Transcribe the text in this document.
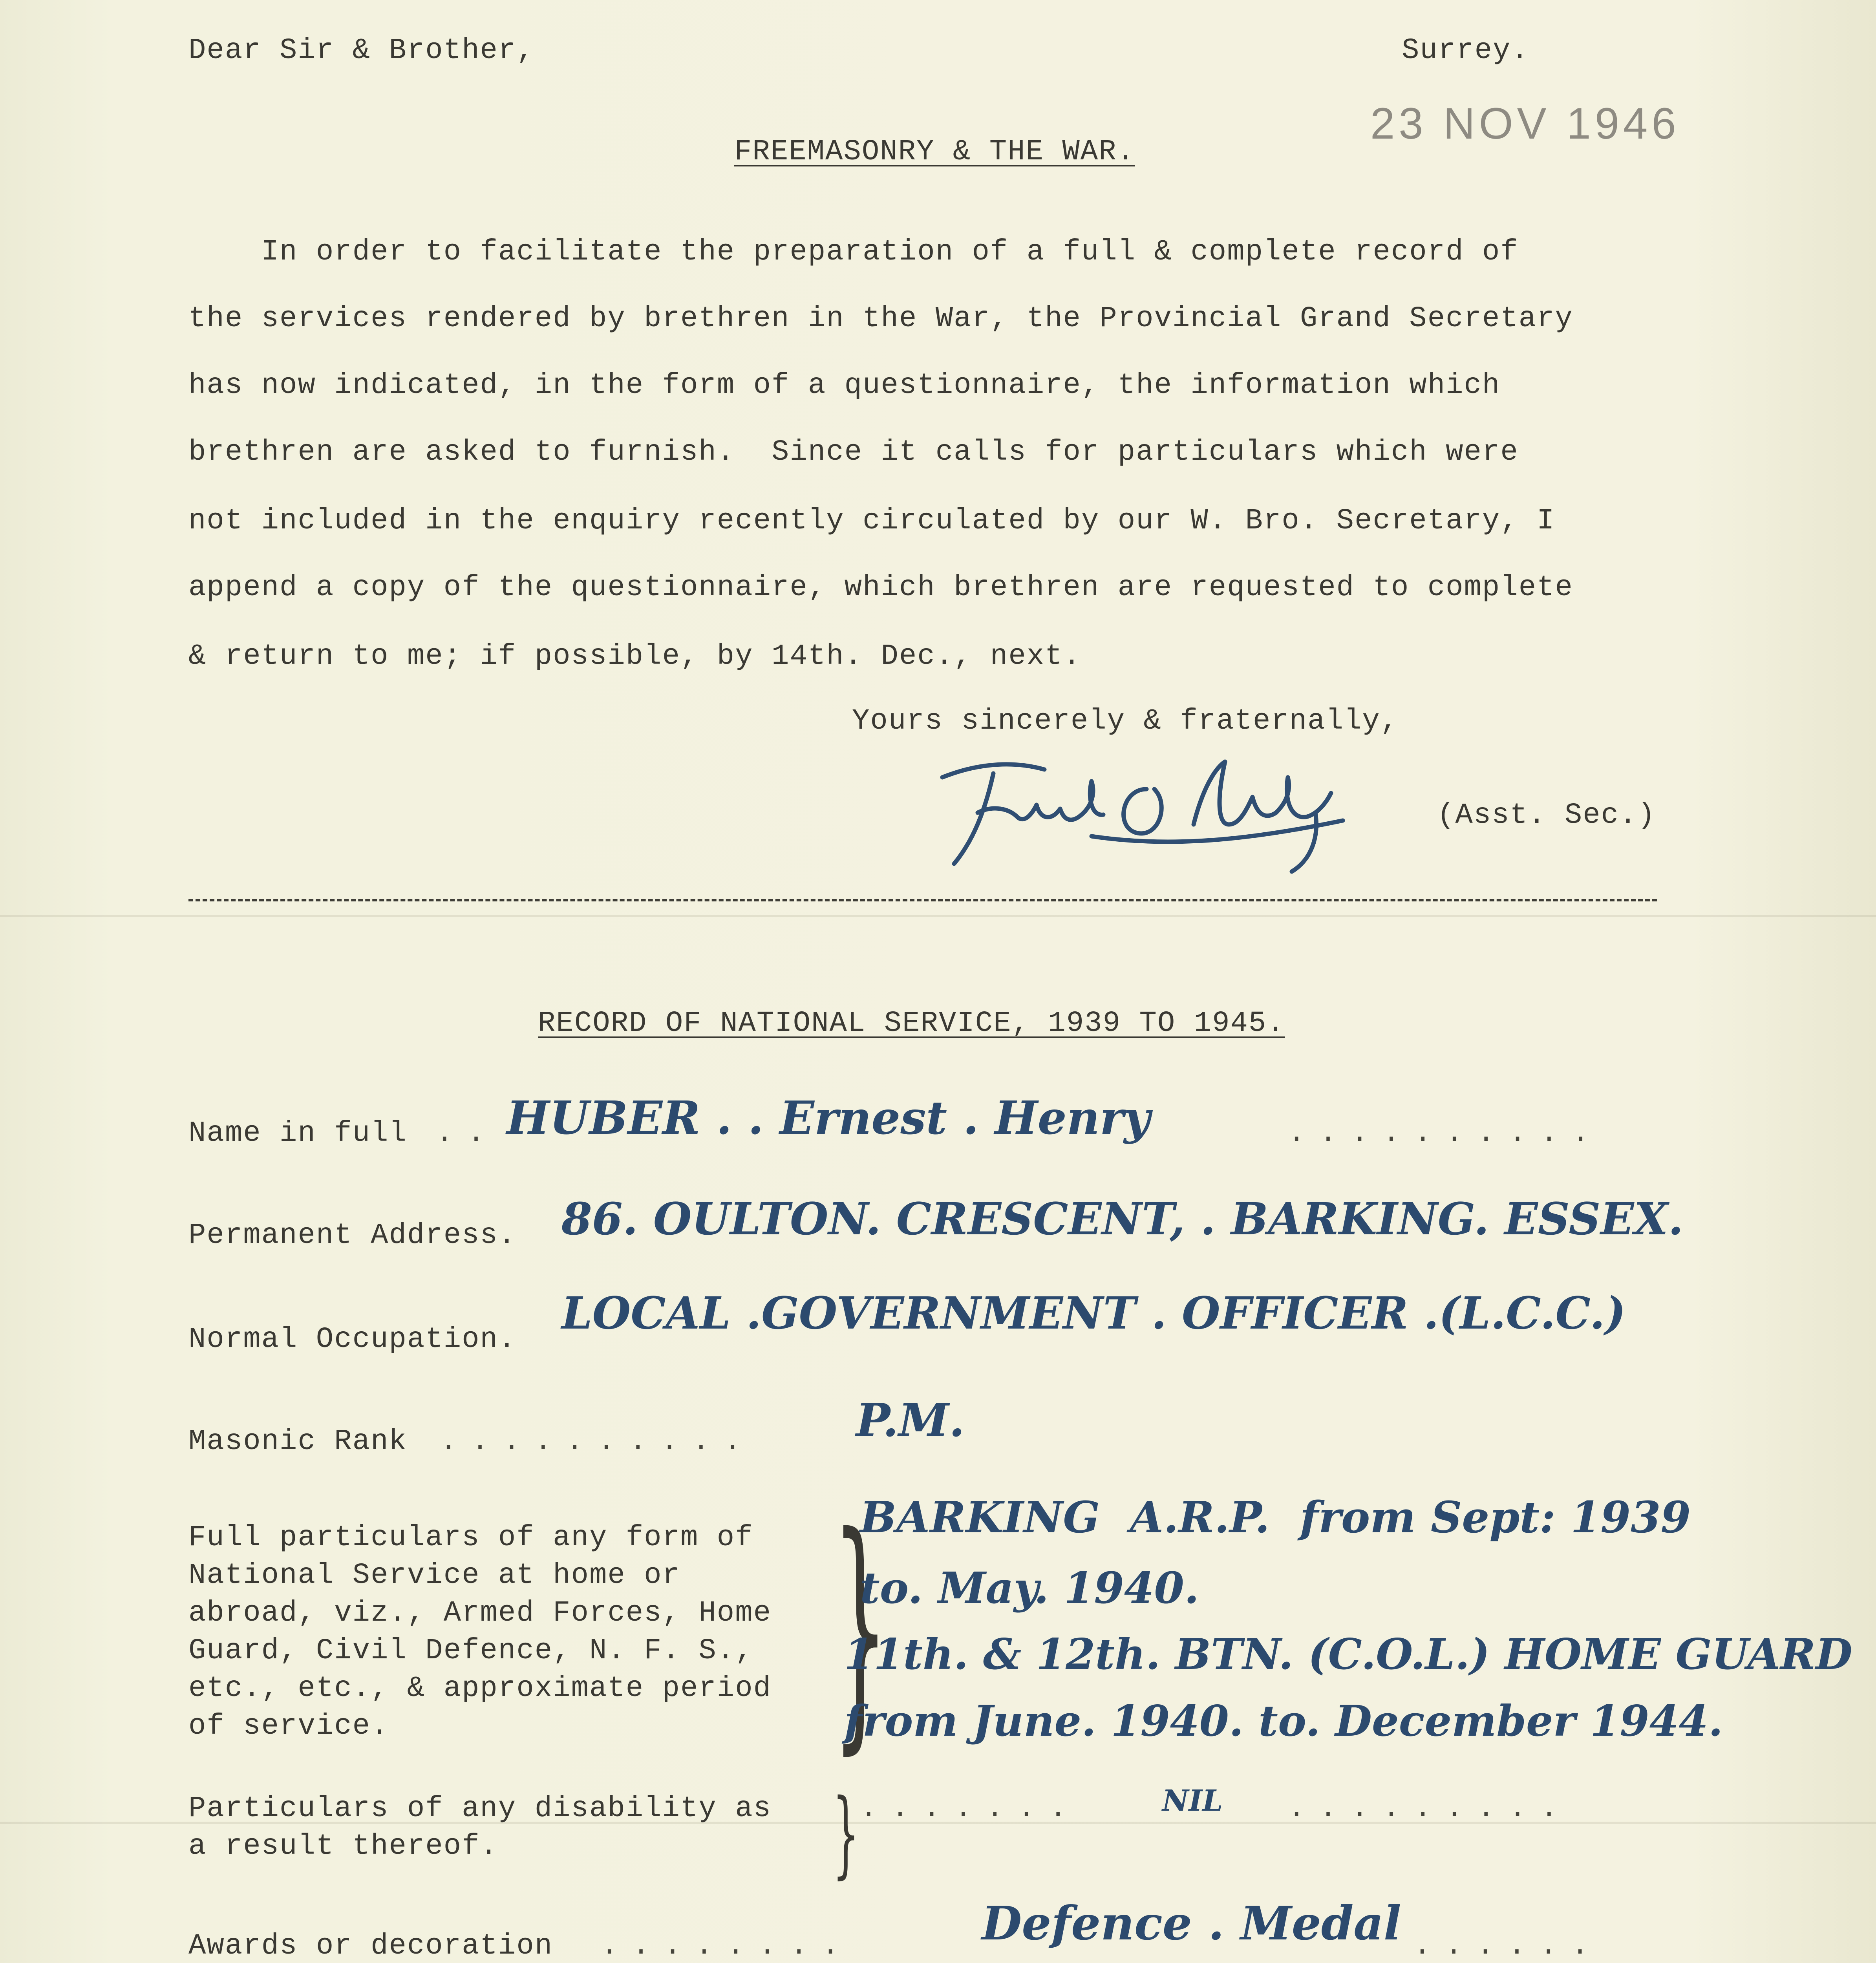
Dear Sir & Brother,	Surrey.
23 NOV 1946
FREEMASONRY & THE WAR.
In order to facilitate the preparation of a full & complete record of
the services rendered by brethren in the War, the Provincial Grand Secretary
has now indicated, in the form of a questionnaire, the information which
brethren are asked to furnish.  Since it calls for particulars which were
not included in the enquiry recently circulated by our W. Bro. Secretary, I
append a copy of the questionnaire, which brethren are requested to complete
& return to me; if possible, by 14th. Dec., next.
Yours sincerely & fraternally,
Frank O Aubery
(Asst. Sec.)
RECORD OF NATIONAL SERVICE, 1939 TO 1945.
Name in full .. HUBER . . Ernest . Henry	..........
Permanent Address. 86. OULTON. CRESCENT, . BARKING. ESSEX.
Normal Occupation.
LOCAL .GOVERNMENT . OFFICER .(L.C.C.)
Masonic Rank .......... P.M.
Full particulars of any form of
National Service at home or
abroad, viz., Armed Forces, Home
Guard, Civil Defence, N. F. S.,
etc., etc., & approximate period
of service.	}
BARKING  A.R.P.  from Sept: 1939
to. May. 1940.
11th. & 12th. BTN. (C.O.L.) HOME GUARD
from June. 1940. to. December 1944.
Particulars of any disability as
a result thereof.	} .......	NIL .........
Awards or decoration ........	Defence . Medal ......
